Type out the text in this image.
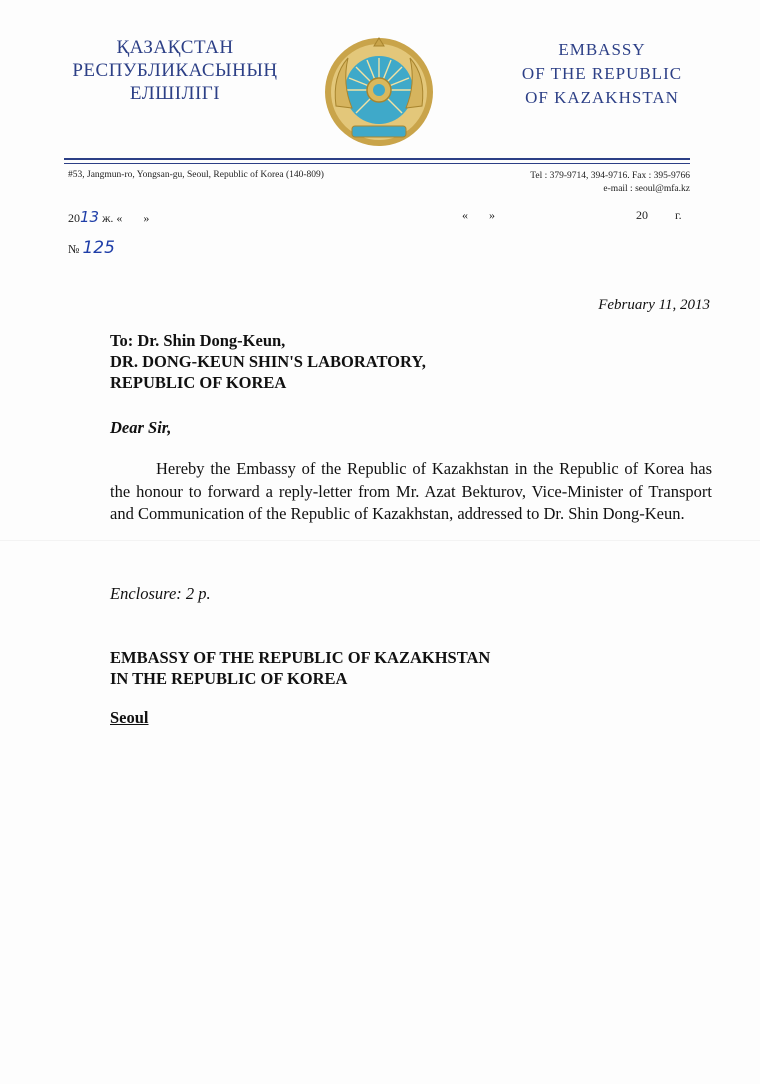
ҚАЗАҚСТАН
РЕСПУБЛИКАСЫНЫҢ
ЕЛШІЛІГІ
EMBASSY
OF THE REPUBLIC
OF KAZAKHSTAN
#53, Jangmun-ro, Yongsan-gu, Seoul, Republic of Korea (140-809)	Tel : 379-9714, 394-9716. Fax : 395-9766
e-mail : seoul@mfa.kz
2013 ж. «       »	«       »	20 г.
№ 125
February 11, 2013
To: Dr. Shin Dong-Keun,
DR. DONG-KEUN SHIN'S LABORATORY,
REPUBLIC OF KOREA
Dear Sir,
Hereby the Embassy of the Republic of Kazakhstan in the Republic of Korea has the honour to forward a reply-letter from Mr. Azat Bekturov, Vice-Minister of Transport and Communication of the Republic of Kazakhstan, addressed to Dr. Shin Dong-Keun.
Enclosure: 2 p.
EMBASSY OF THE REPUBLIC OF KAZAKHSTAN
IN THE REPUBLIC OF KOREA
Seoul
